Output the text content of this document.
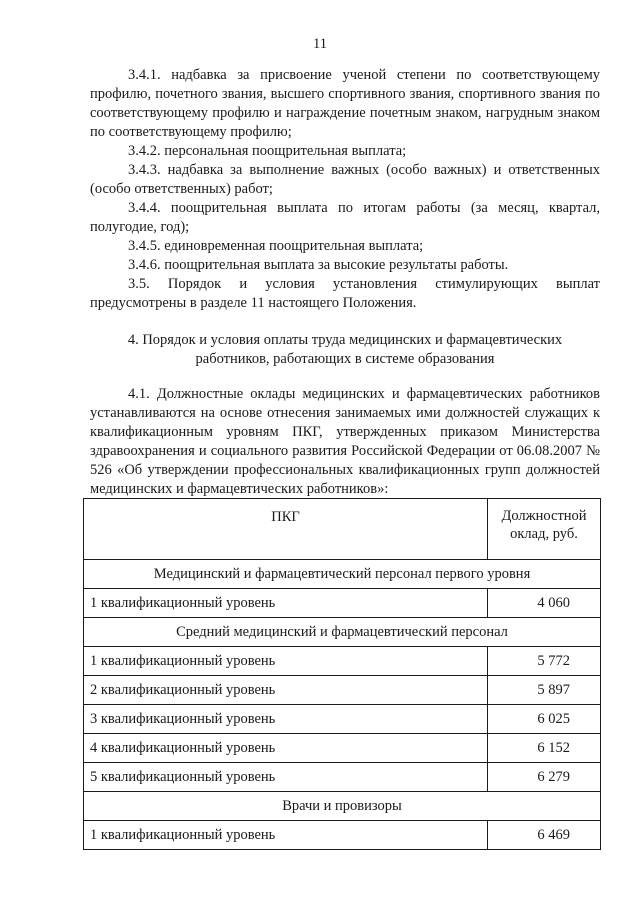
11

3.4.1. надбавка за присвоение ученой степени по соответствующему профилю, почетного звания, высшего спортивного звания, спортивного звания по соответствующему профилю и награждение почетным знаком, нагрудным знаком по соответствующему профилю;

3.4.2. персональная поощрительная выплата;

3.4.3. надбавка за выполнение важных (особо важных) и ответственных (особо ответственных) работ;

3.4.4. поощрительная выплата по итогам работы (за месяц, квартал, полугодие, год);

3.4.5. единовременная поощрительная выплата;

3.4.6. поощрительная выплата за высокие результаты работы.

3.5. Порядок и условия установления стимулирующих выплат предусмотрены в разделе 11 настоящего Положения.

4. Порядок и условия оплаты труда медицинских и фармацевтических
работников, работающих в системе образования

4.1. Должностные оклады медицинских и фармацевтических работников устанавливаются на основе отнесения занимаемых ими должностей служащих к квалификационным уровням ПКГ, утвержденных приказом Министерства здравоохранения и социального развития Российской Федерации от 06.08.2007 № 526 «Об утверждении профессиональных квалификационных групп должностей медицинских и фармацевтических работников»:

ПКГ	Должностной оклад, руб.
Медицинский и фармацевтический персонал первого уровня	
1 квалификационный уровень	4 060
Средний медицинский и фармацевтический персонал	
1 квалификационный уровень	5 772
2 квалификационный уровень	5 897
3 квалификационный уровень	6 025
4 квалификационный уровень	6 152
5 квалификационный уровень	6 279
Врачи и провизоры	
1 квалификационный уровень	6 469
